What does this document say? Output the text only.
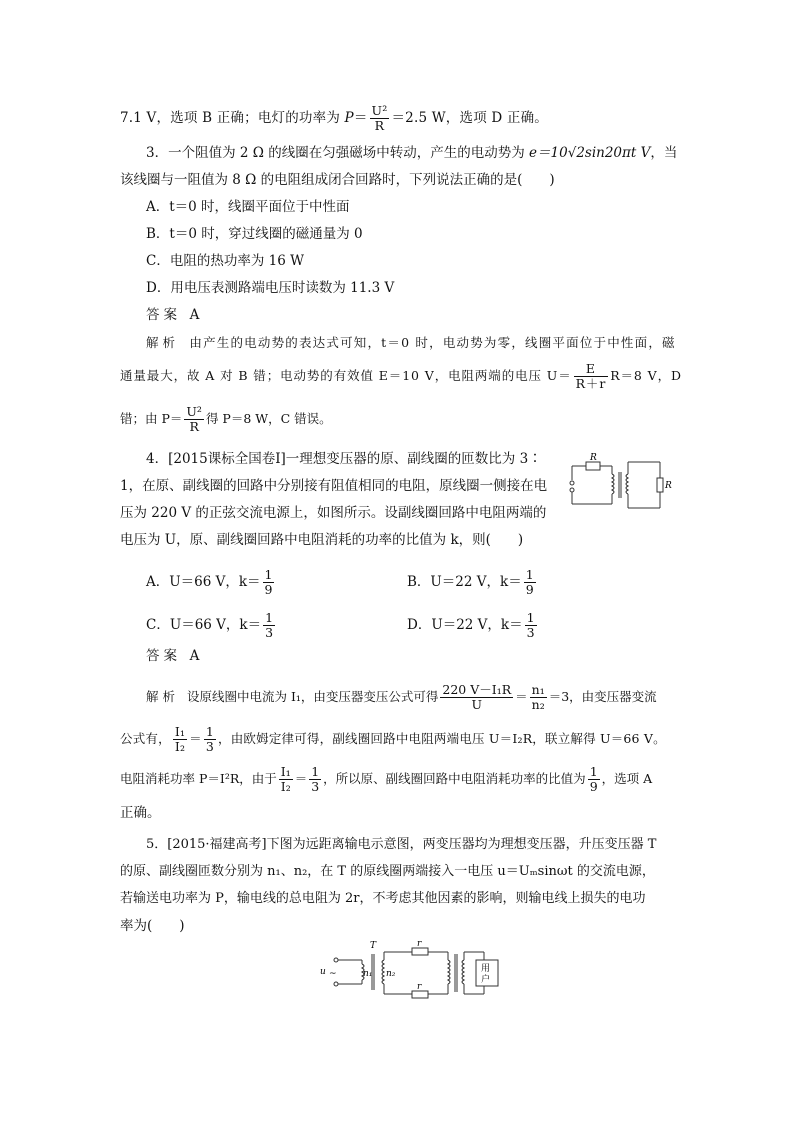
7.1 V，选项 B 正确；电灯的功率为 $P= \frac{\text{U²}}{R} =2.5$ W，选项 D 正确。
3．一个阻值为 2 Ω 的线圈在匀强磁场中转动，产生的电动势为 e＝10√2sin20πt V，当
该线圈与一阻值为 8 Ω 的电阻组成闭合回路时，下列说法正确的是(　　)
A．t＝0 时，线圈平面位于中性面
B．t＝0 时，穿过线圈的磁通量为 0
C．电阻的热功率为 16 W
D．用电压表测路端电压时读数为 11.3 V
答案 A
解析 由产生的电动势的表达式可知，t＝0 时，电动势为零，线圈平面位于中性面，磁
通量最大，故 A 对 B 错；电动势的有效值 E＝10 V，电阻两端的电压 $U= \frac{E}{R+r} R=8$ V，D
错；由 $P= \frac{\text{U²}}{R}$ 得 P＝8 W，C 错误。
4．[2015课标全国卷Ⅰ]一理想变压器的原、副线圈的匝数比为 3∶
1，在原、副线圈的回路中分别接有阻值相同的电阻，原线圈一侧接在电
压为 220 V 的正弦交流电源上，如图所示。设副线圈回路中电阻两端的
电压为 U，原、副线圈回路中电阻消耗的功率的比值为 k，则(　　)
R
R
A．U＝66 V，$k= \frac{1}{9}$	B．U＝22 V，$k= \frac{1}{9}$
C．U＝66 V，$k= \frac{1}{3}$	D．U＝22 V，$k= \frac{1}{3}$
答案 A
解析 设原线圈中电流为 I₁，由变压器变压公式可得 $\frac{\text{220 V－I₁R}}{U} = \frac{\text{n₁}}{\text{n₂}} =3$，由变压器变流
公式有， $\frac{\text{I₁}}{\text{I₂}} = \frac{1}{3}$ ，由欧姆定律可得，副线圈回路中电阻两端电压 U＝I₂R，联立解得 U＝66 V。
电阻消耗功率 P＝I²R，由于 $\frac{\text{I₁}}{\text{I₂}} = \frac{1}{3}$ ，所以原、副线圈回路中电阻消耗功率的比值为 $\frac{1}{9}$ ，选项 A
正确。
5．[2015·福建高考]下图为远距离输电示意图，两变压器均为理想变压器，升压变压器 T
的原、副线圈匝数分别为 n₁、n₂，在 T 的原线圈两端接入一电压 u＝Uₘsinωt 的交流电源，
若输送电功率为 P，输电线的总电阻为 2r，不考虑其他因素的影响，则输电线上损失的电功
率为(　　)
T
u ~	n₁ n₂
r
r
用
户
